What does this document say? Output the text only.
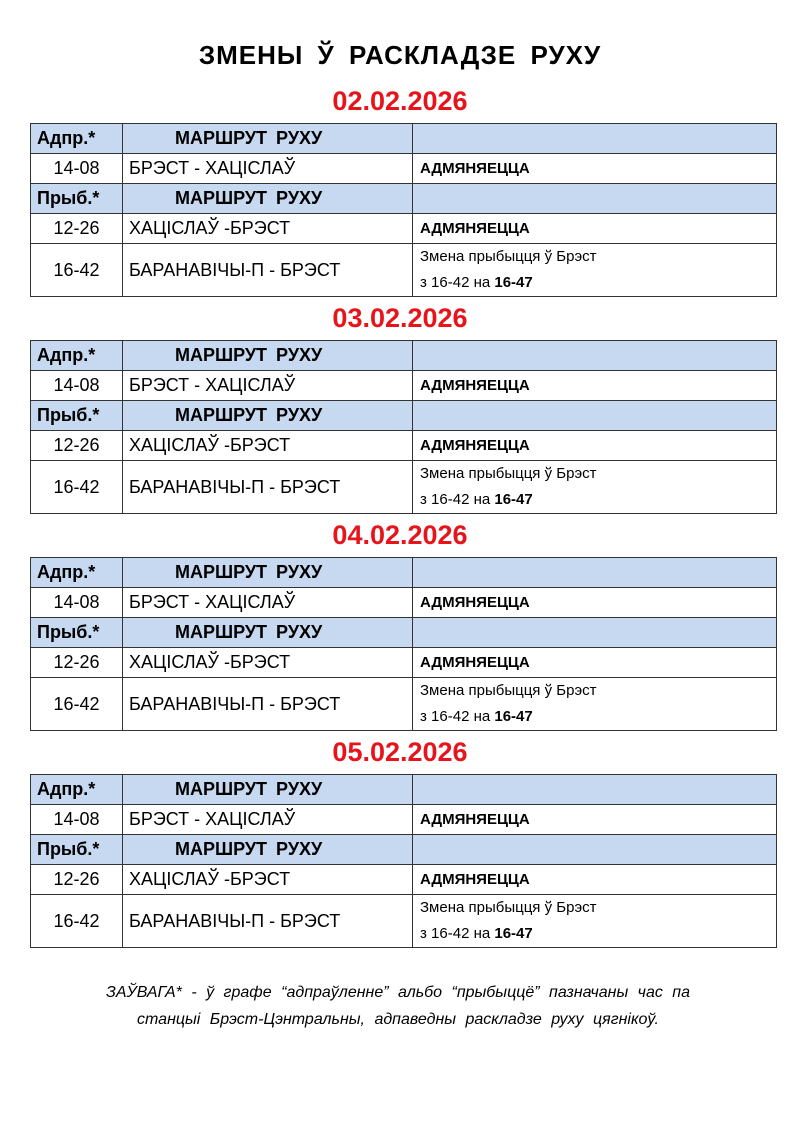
ЗМЕНЫ Ў РАСКЛАДЗЕ РУХУ
02.02.2026
Адпр.*	МАРШРУТ РУХУ	
14-08	БРЭСТ - ХАЦІСЛАЎ	АДМЯНЯЕЦЦА
Прыб.*	МАРШРУТ РУХУ	
12-26	ХАЦІСЛАЎ -БРЭСТ	АДМЯНЯЕЦЦА
16-42	БАРАНАВІЧЫ-П - БРЭСТ	Змена прыбыцця ў Брэст
з 16-42 на 16-47
03.02.2026
Адпр.*	МАРШРУТ РУХУ	
14-08	БРЭСТ - ХАЦІСЛАЎ	АДМЯНЯЕЦЦА
Прыб.*	МАРШРУТ РУХУ	
12-26	ХАЦІСЛАЎ -БРЭСТ	АДМЯНЯЕЦЦА
16-42	БАРАНАВІЧЫ-П - БРЭСТ	Змена прыбыцця ў Брэст
з 16-42 на 16-47
04.02.2026
Адпр.*	МАРШРУТ РУХУ	
14-08	БРЭСТ - ХАЦІСЛАЎ	АДМЯНЯЕЦЦА
Прыб.*	МАРШРУТ РУХУ	
12-26	ХАЦІСЛАЎ -БРЭСТ	АДМЯНЯЕЦЦА
16-42	БАРАНАВІЧЫ-П - БРЭСТ	Змена прыбыцця ў Брэст
з 16-42 на 16-47
05.02.2026
Адпр.*	МАРШРУТ РУХУ	
14-08	БРЭСТ - ХАЦІСЛАЎ	АДМЯНЯЕЦЦА
Прыб.*	МАРШРУТ РУХУ	
12-26	ХАЦІСЛАЎ -БРЭСТ	АДМЯНЯЕЦЦА
16-42	БАРАНАВІЧЫ-П - БРЭСТ	Змена прыбыцця ў Брэст
з 16-42 на 16-47
ЗАЎВАГА* - ў графе “адпраўленне” альбо “прыбыццё” пазначаны час па
станцыі Брэст-Цэнтральны, адпаведны раскладзе руху цягнікоў.
